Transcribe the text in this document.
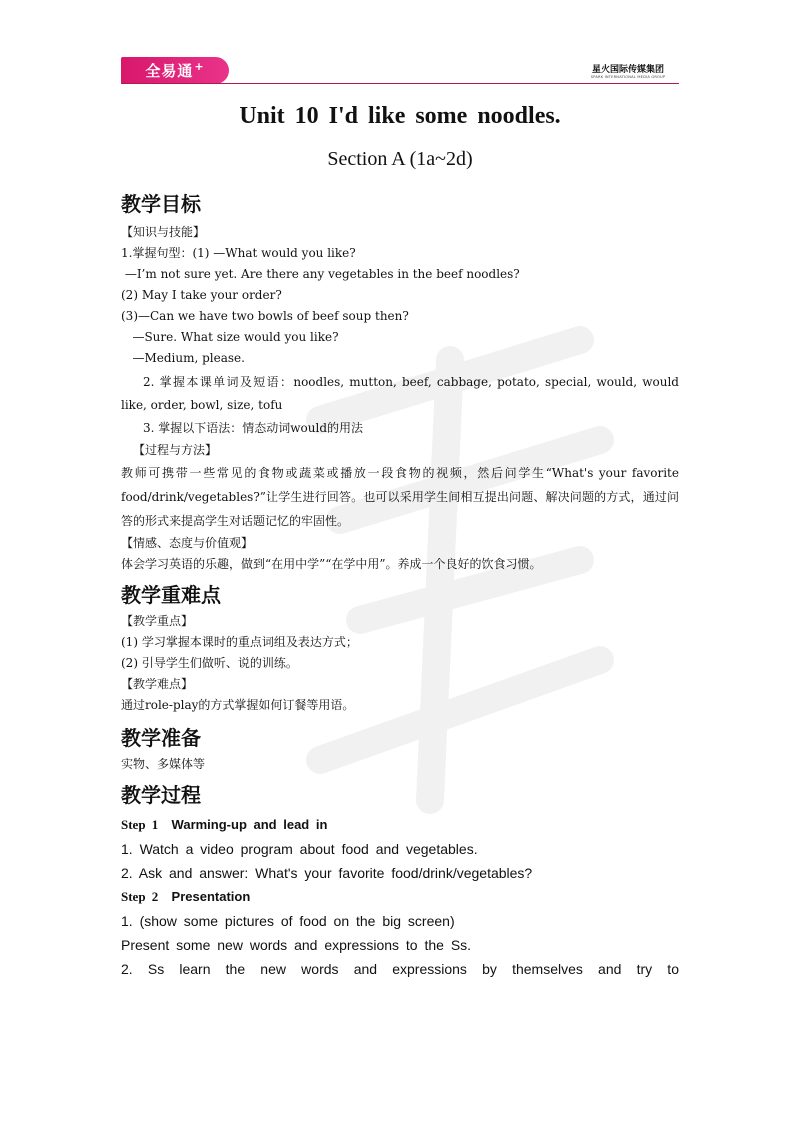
全易通 +	星火国际传媒集团
SPARK INTERNATIONAL MEDIA GROUP
Unit 10 I'd like some noodles.
Section A (1a~2d)
教学目标

【知识与技能】

1.掌握句型：(1) —What would you like?

—I’m not sure yet. Are there any vegetables in the beef noodles?

(2) May I take your order?

(3)—Can we have two bowls of beef soup then?

—Sure. What size would you like?

—Medium, please.

2. 掌握本课单词及短语：noodles, mutton, beef, cabbage, potato, special, would, would like, order, bowl, size, tofu

3. 掌握以下语法：情态动词would的用法

【过程与方法】

教师可携带一些常见的食物或蔬菜或播放一段食物的视频，然后问学生“What's your favorite food/drink/vegetables?”让学生进行回答。也可以采用学生间相互提出问题、解决问题的方式，通过问答的形式来提高学生对话题记忆的牢固性。

【情感、态度与价值观】

体会学习英语的乐趣，做到“在用中学”“在学中用”。养成一个良好的饮食习惯。

教学重难点

【教学重点】

(1) 学习掌握本课时的重点词组及表达方式；

(2) 引导学生们做听、说的训练。

【教学难点】

通过role-play的方式掌握如何订餐等用语。

教学准备

实物、多媒体等

教学过程

Step 1 Warming-up and lead in

1. Watch a video program about food and vegetables.

2. Ask and answer: What's your favorite food/drink/vegetables?

Step 2 Presentation

1. (show some pictures of food on the big screen)

Present some new words and expressions to the Ss.

2. Ss learn the new words and expressions by themselves and try to
